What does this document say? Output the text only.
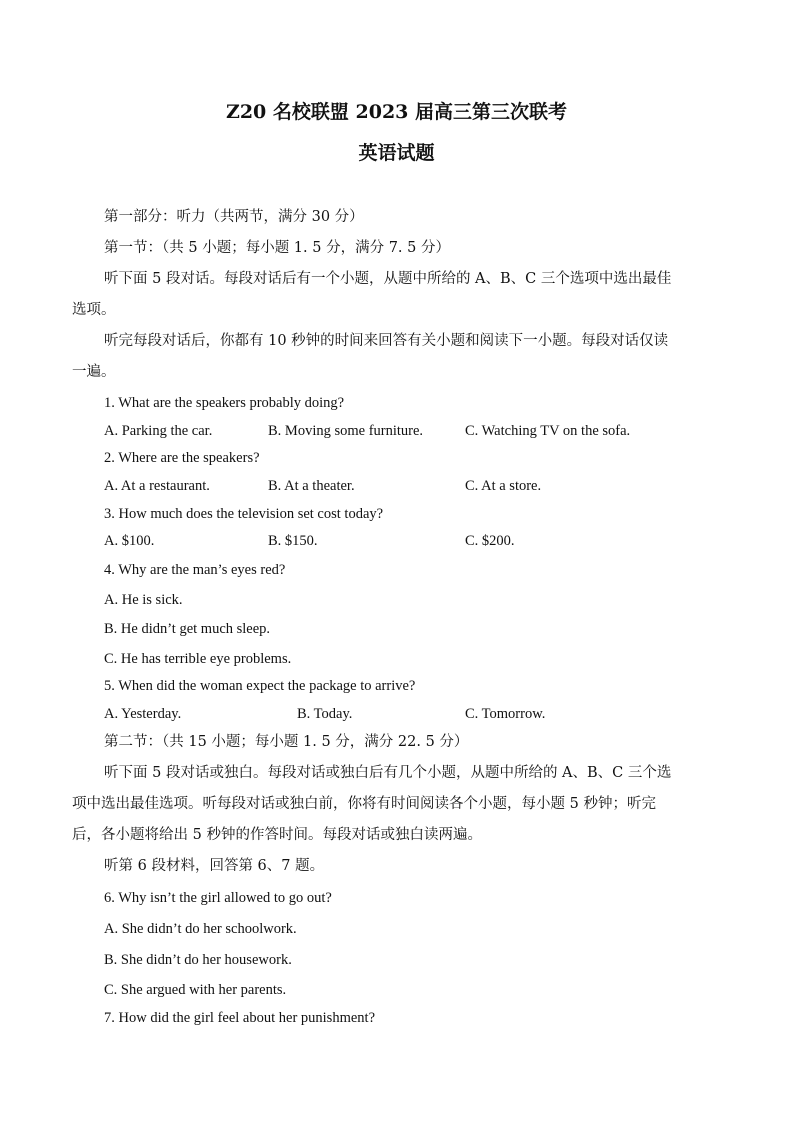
Z20 名校联盟 2023 届高三第三次联考
英语试题
第一部分：听力（共两节，满分 30 分）
第一节：（共 5 小题；每小题 1. 5 分，满分 7. 5 分）
听下面 5 段对话。每段对话后有一个小题，从题中所给的 A、B、C 三个选项中选出最佳
选项。
听完每段对话后，你都有 10 秒钟的时间来回答有关小题和阅读下一小题。每段对话仅读
一遍。
1. What are the speakers probably doing?
A. Parking the car.	B. Moving some furniture.	C. Watching TV on the sofa.
2. Where are the speakers?
A. At a restaurant.	B. At a theater.	C. At a store.
3. How much does the television set cost today?
A. $100.	B. $150.	C. $200.
4. Why are the man’s eyes red?
A. He is sick.
B. He didn’t get much sleep.
C. He has terrible eye problems.
5. When did the woman expect the package to arrive?
A. Yesterday.	B. Today.	C. Tomorrow.
第二节：（共 15 小题；每小题 1. 5 分，满分 22. 5 分）
听下面 5 段对话或独白。每段对话或独白后有几个小题，从题中所给的 A、B、C 三个选
项中选出最佳选项。听每段对话或独白前，你将有时间阅读各个小题，每小题 5 秒钟；听完
后，各小题将给出 5 秒钟的作答时间。每段对话或独白读两遍。
听第 6 段材料，回答第 6、7 题。
6. Why isn’t the girl allowed to go out?
A. She didn’t do her schoolwork.
B. She didn’t do her housework.
C. She argued with her parents.
7. How did the girl feel about her punishment?
